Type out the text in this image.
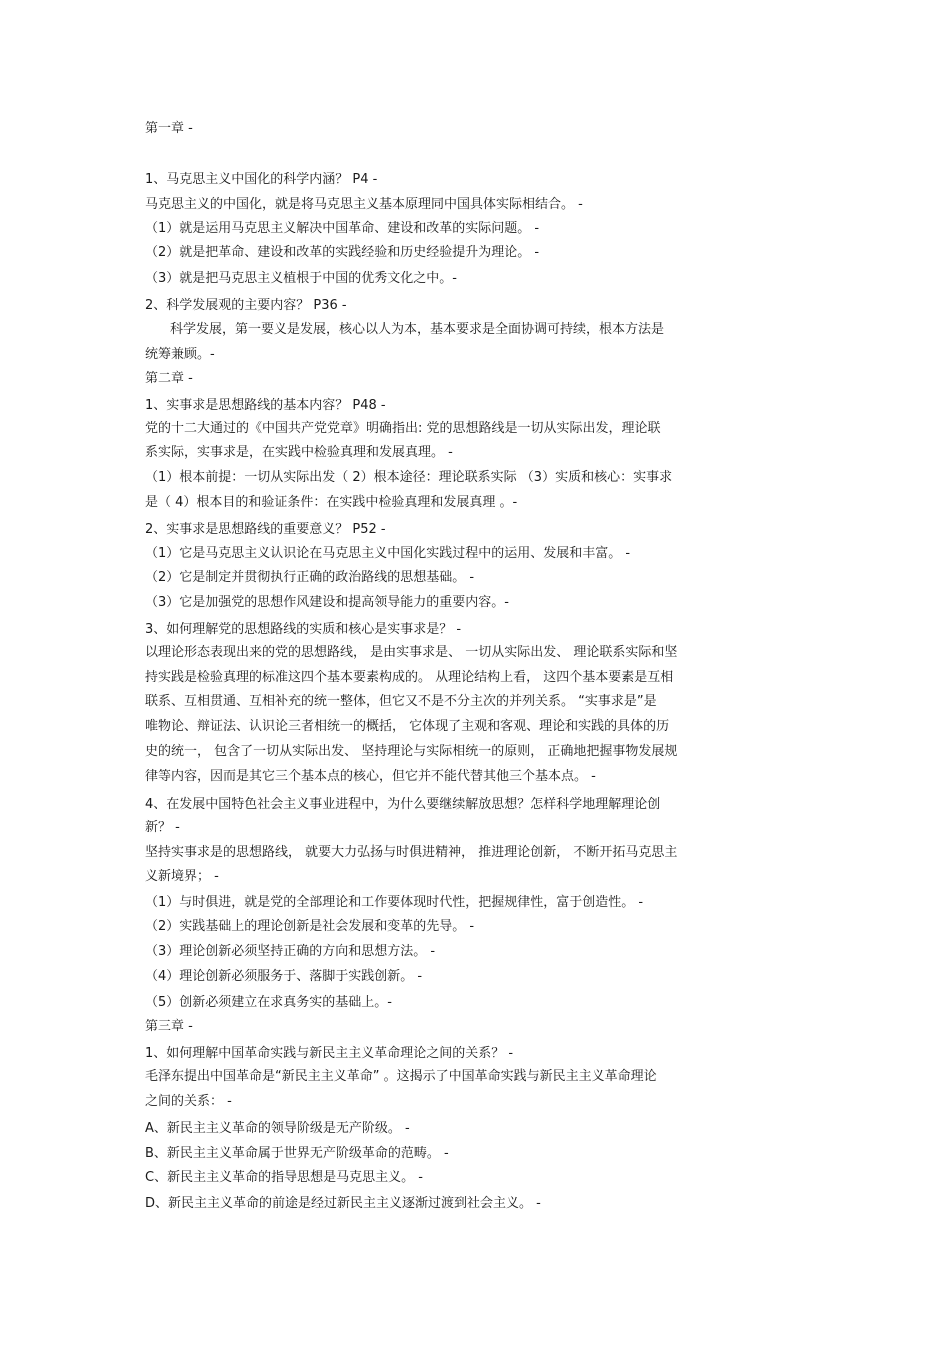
第一章 -
1、马克思主义中国化的科学内涵？ P4 -
马克思主义的中国化，就是将马克思主义基本原理同中国具体实际相结合。 -
（1）就是运用马克思主义解决中国革命、建设和改革的实际问题。 -
（2）就是把革命、建设和改革的实践经验和历史经验提升为理论。 -
（3）就是把马克思主义植根于中国的优秀文化之中。-
2、科学发展观的主要内容？ P36 -
科学发展，第一要义是发展，核心以人为本，基本要求是全面协调可持续，根本方法是
统筹兼顾。-
第二章 -
1、实事求是思想路线的基本内容？ P48 -
党的十二大通过的《中国共产党党章》明确指出: 党的思想路线是一切从实际出发，理论联
系实际，实事求是，在实践中检验真理和发展真理。 -
（1）根本前提：一切从实际出发（ 2）根本途径：理论联系实际 （3）实质和核心：实事求
是（ 4）根本目的和验证条件：在实践中检验真理和发展真理 。-
2、实事求是思想路线的重要意义？ P52 -
（1）它是马克思主义认识论在马克思主义中国化实践过程中的运用、发展和丰富。 -
（2）它是制定并贯彻执行正确的政治路线的思想基础。 -
（3）它是加强党的思想作风建设和提高领导能力的重要内容。-
3、如何理解党的思想路线的实质和核心是实事求是？ -
以理论形态表现出来的党的思想路线， 是由实事求是、 一切从实际出发、 理论联系实际和坚
持实践是检验真理的标准这四个基本要素构成的。 从理论结构上看， 这四个基本要素是互相
联系、互相贯通、互相补充的统一整体，但它又不是不分主次的并列关系。 “实事求是”是
唯物论、辩证法、认识论三者相统一的概括， 它体现了主观和客观、理论和实践的具体的历
史的统一， 包含了一切从实际出发、 坚持理论与实际相统一的原则， 正确地把握事物发展规
律等内容，因而是其它三个基本点的核心，但它并不能代替其他三个基本点。 -
4、在发展中国特色社会主义事业进程中，为什么要继续解放思想？怎样科学地理解理论创
新？ -
坚持实事求是的思想路线， 就要大力弘扬与时俱进精神， 推进理论创新， 不断开拓马克思主
义新境界； -
（1）与时俱进，就是党的全部理论和工作要体现时代性，把握规律性，富于创造性。 -
（2）实践基础上的理论创新是社会发展和变革的先导。 -
（3）理论创新必须坚持正确的方向和思想方法。 -
（4）理论创新必须服务于、落脚于实践创新。 -
（5）创新必须建立在求真务实的基础上。-
第三章 -
1、如何理解中国革命实践与新民主主义革命理论之间的关系？ -
毛泽东提出中国革命是“新民主主义革命” 。这揭示了中国革命实践与新民主主义革命理论
之间的关系： -
A、新民主主义革命的领导阶级是无产阶级。 -
B、新民主主义革命属于世界无产阶级革命的范畴。 -
C、新民主主义革命的指导思想是马克思主义。 -
D、新民主主义革命的前途是经过新民主主义逐渐过渡到社会主义。 -
